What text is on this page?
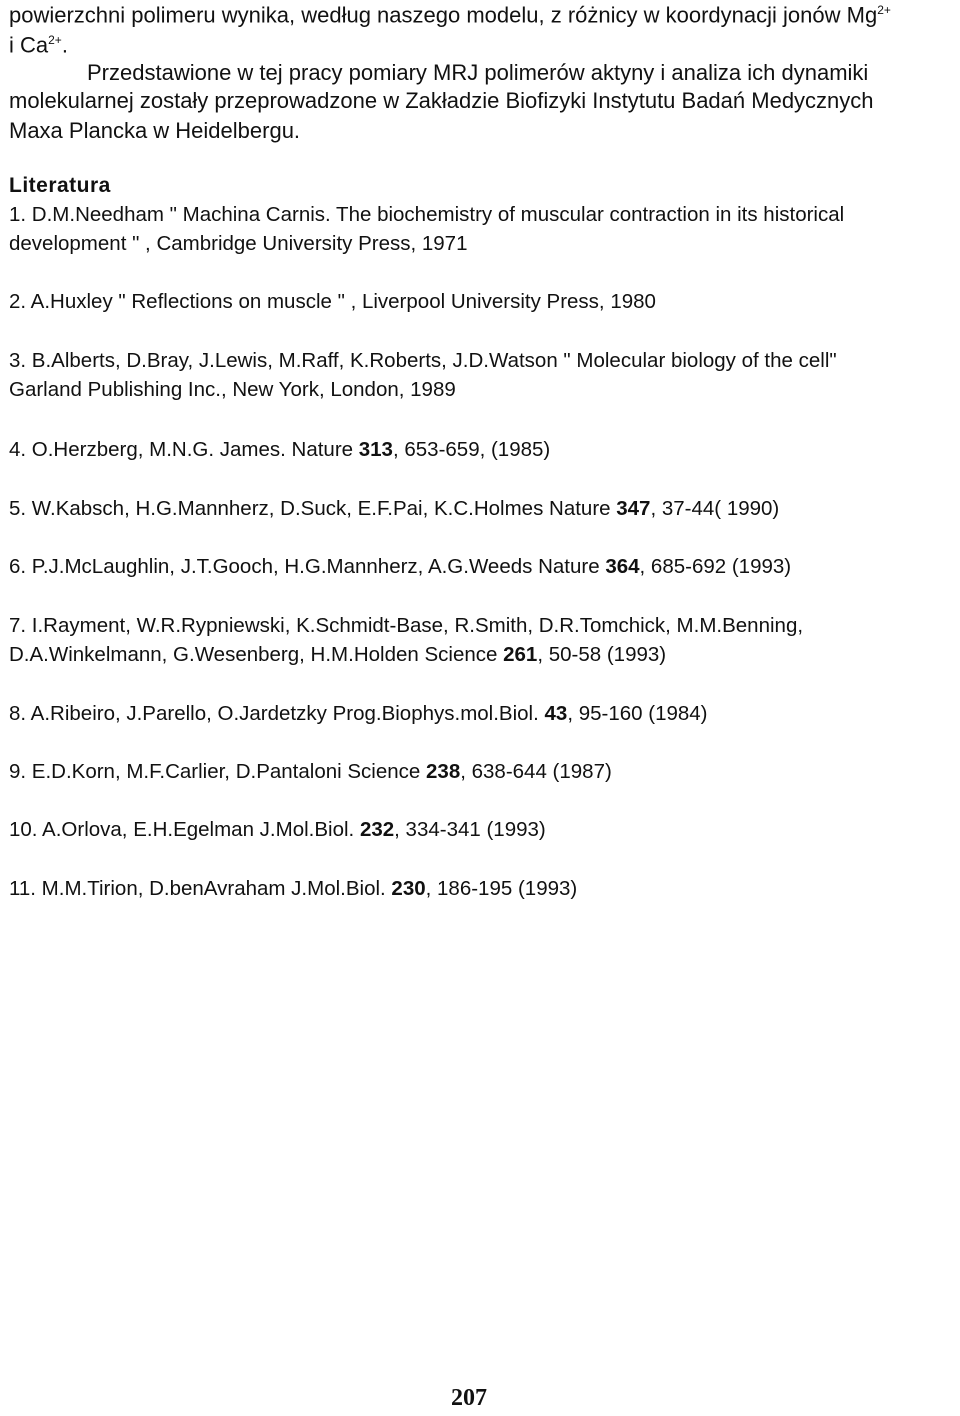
powierzchni polimeru wynika, według naszego modelu, z różnicy w koordynacji jonów $Mg^{2+}$
i $Ca^{2+}$.
Przedstawione w tej pracy pomiary MRJ polimerów aktyny i analiza ich dynamiki
molekularnej zostały przeprowadzone w Zakładzie Biofizyki Instytutu Badań Medycznych
Maxa Plancka w Heidelbergu.
Literatura
1. D.M.Needham " Machina Carnis. The biochemistry of muscular contraction in its historical
development " , Cambridge University Press, 1971
2. A.Huxley " Reflections on muscle " , Liverpool University Press, 1980
3. B.Alberts, D.Bray, J.Lewis, M.Raff, K.Roberts, J.D.Watson " Molecular biology of the cell"
Garland Publishing Inc., New York, London, 1989
4. O.Herzberg, M.N.G. James. Nature 313, 653-659, (1985)
5. W.Kabsch, H.G.Mannherz, D.Suck, E.F.Pai, K.C.Holmes Nature 347, 37-44( 1990)
6. P.J.McLaughlin, J.T.Gooch, H.G.Mannherz, A.G.Weeds Nature 364, 685-692 (1993)
7. I.Rayment, W.R.Rypniewski, K.Schmidt-Base, R.Smith, D.R.Tomchick, M.M.Benning,
D.A.Winkelmann, G.Wesenberg, H.M.Holden Science 261, 50-58 (1993)
8. A.Ribeiro, J.Parello, O.Jardetzky Prog.Biophys.mol.Biol. 43, 95-160 (1984)
9. E.D.Korn, M.F.Carlier, D.Pantaloni Science 238, 638-644 (1987)
10. A.Orlova, E.H.Egelman J.Mol.Biol. 232, 334-341 (1993)
11. M.M.Tirion, D.benAvraham J.Mol.Biol. 230, 186-195 (1993)
207
